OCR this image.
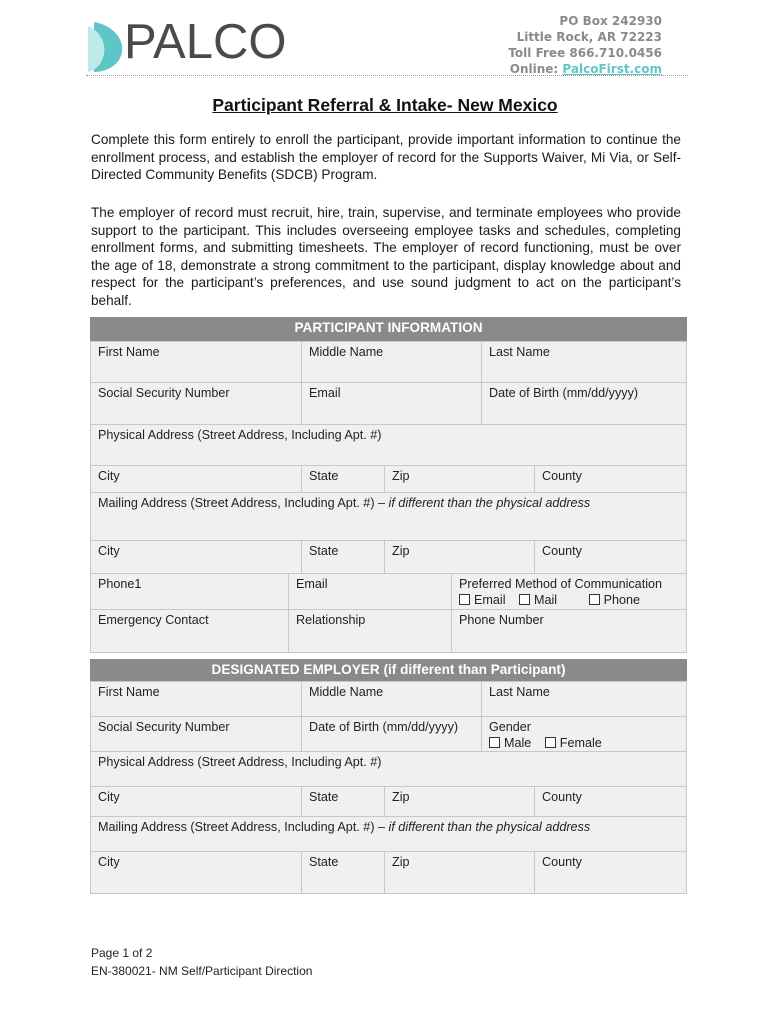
PALCO	PO Box 242930
Little Rock, AR 72223
Toll Free 866.710.0456
Online: PalcoFirst.com
Participant Referral & Intake- New Mexico
Complete this form entirely to enroll the participant, provide important information to continue the enrollment process, and establish the employer of record for the Supports Waiver, Mi Via, or Self-Directed Community Benefits (SDCB) Program.
The employer of record must recruit, hire, train, supervise, and terminate employees who provide support to the participant. This includes overseeing employee tasks and schedules, completing enrollment forms, and submitting timesheets. The employer of record functioning, must be over the age of 18, demonstrate a strong commitment to the participant, display knowledge about and respect for the participant’s preferences, and use sound judgment to act on the participant’s behalf.
PARTICIPANT INFORMATION
First Name	Middle Name	Last Name
Social Security Number	Email	Date of Birth (mm/dd/yyyy)
Physical Address (Street Address, Including Apt. #)
City	State	Zip	County
Mailing Address (Street Address, Including Apt. #) – if different than the physical address
City	State	Zip	County
Phone1	Email	Preferred Method of Communication
Email Mail	Phone
Emergency Contact	Relationship	Phone Number
DESIGNATED EMPLOYER (if different than Participant)
First Name	Middle Name	Last Name
Social Security Number	Date of Birth (mm/dd/yyyy)	Gender
Male Female
Physical Address (Street Address, Including Apt. #)
City	State	Zip	County
Mailing Address (Street Address, Including Apt. #) – if different than the physical address
City	State	Zip	County
Page 1 of 2
EN-380021- NM Self/Participant Direction
